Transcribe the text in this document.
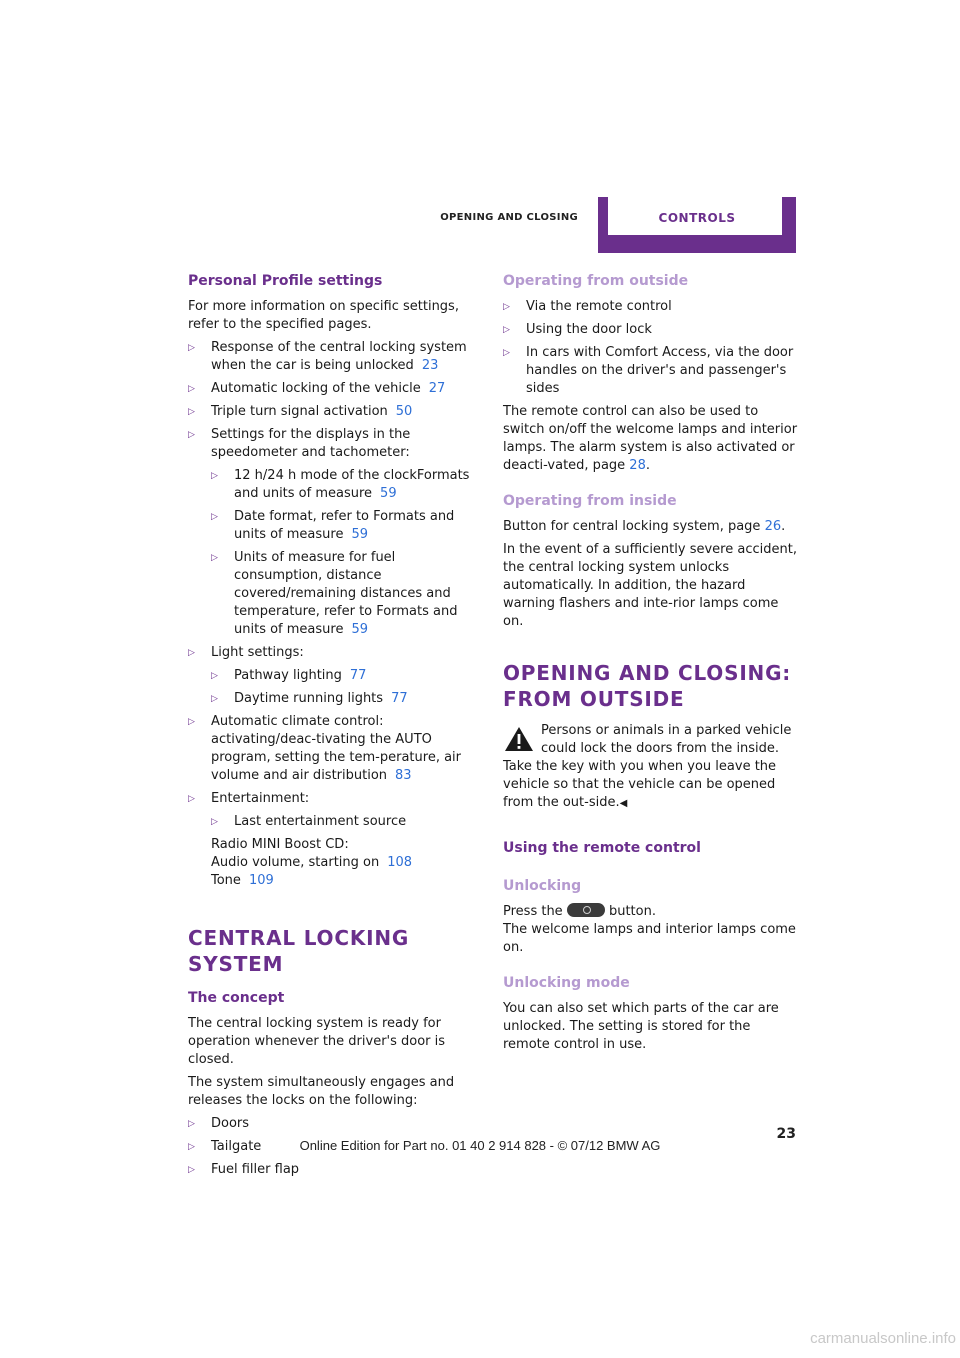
OPENING AND CLOSING	CONTROLS
Personal Profile settings

For more information on specific settings, refer to the specified pages.

▷ Response of the central locking system when the car is being unlocked 23
▷ Automatic locking of the vehicle 27
▷ Triple turn signal activation 50
▷ Settings for the displays in the speedometer and tachometer:
▷ 12 h/24 h mode of the clockFormats and units of measure 59
▷ Date format, refer to Formats and units of measure 59
▷ Units of measure for fuel consumption, distance covered/remaining distances and temperature, refer to Formats and units of measure 59
▷ Light settings:
▷ Pathway lighting 77
▷ Daytime running lights 77
▷ Automatic climate control: activating/deac-tivating the AUTO program, setting the tem-perature, air volume and air distribution 83
▷ Entertainment:
▷ Last entertainment source
Radio MINI Boost CD:
Audio volume, starting on 108
Tone 109
CENTRAL LOCKING SYSTEM
The concept

The central locking system is ready for operation whenever the driver's door is closed.

The system simultaneously engages and releases the locks on the following:

▷ Doors
▷ Tailgate
▷ Fuel filler flap
Operating from outside
▷ Via the remote control
▷ Using the door lock
▷ In cars with Comfort Access, via the door handles on the driver's and passenger's sides

The remote control can also be used to switch on/off the welcome lamps and interior lamps. The alarm system is also activated or deacti-vated, page 28.

Operating from inside

Button for central locking system, page 26.

In the event of a sufficiently severe accident, the central locking system unlocks automatically. In addition, the hazard warning flashers and inte-rior lamps come on.

OPENING AND CLOSING:
FROM OUTSIDE

Persons or animals in a parked vehicle could lock the doors from the inside. Take the key with you when you leave the vehicle so that the vehicle can be opened from the out-side.◀

Using the remote control
Unlocking

Press the	button.

The welcome lamps and interior lamps come on.

Unlocking mode

You can also set which parts of the car are unlocked. The setting is stored for the remote control in use.

23
Online Edition for Part no. 01 40 2 914 828 - © 07/12 BMW AG
carmanualsonline.info
